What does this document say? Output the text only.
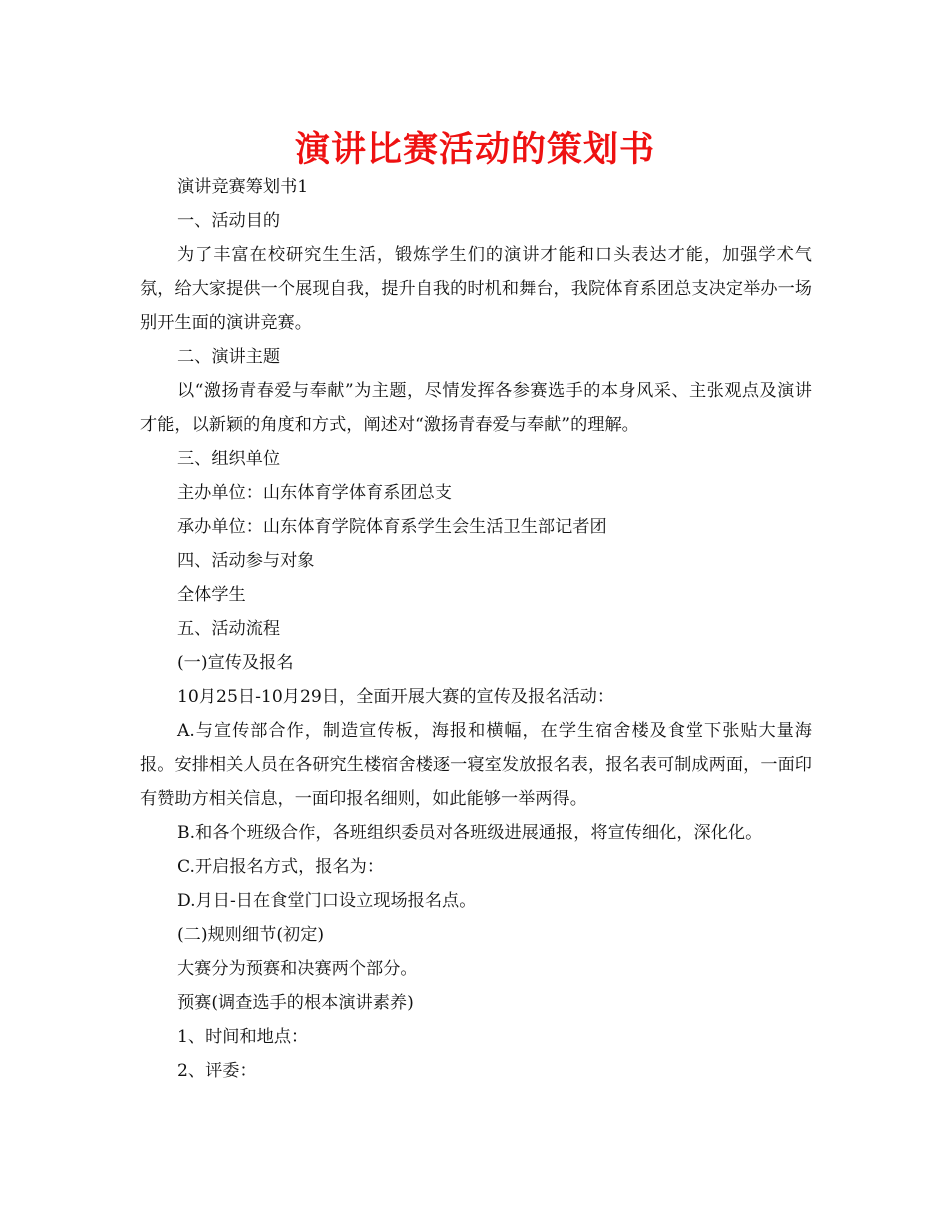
演讲比赛活动的策划书

演讲竞赛筹划书1

一、活动目的

为了丰富在校研究生生活，锻炼学生们的演讲才能和口头表达才能，加强学术气氛，给大家提供一个展现自我，提升自我的时机和舞台，我院体育系团总支决定举办一场别开生面的演讲竞赛。

二、演讲主题

以“激扬青春爱与奉献”为主题，尽情发挥各参赛选手的本身风采、主张观点及演讲才能，以新颖的角度和方式，阐述对“激扬青春爱与奉献”的理解。

三、组织单位

主办单位：山东体育学体育系团总支

承办单位：山东体育学院体育系学生会生活卫生部记者团

四、活动参与对象

全体学生

五、活动流程

(一)宣传及报名

10月25日-10月29日，全面开展大赛的宣传及报名活动：

A.与宣传部合作，制造宣传板，海报和横幅，在学生宿舍楼及食堂下张贴大量海报。安排相关人员在各研究生楼宿舍楼逐一寝室发放报名表，报名表可制成两面，一面印有赞助方相关信息，一面印报名细则，如此能够一举两得。

B.和各个班级合作，各班组织委员对各班级进展通报，将宣传细化，深化化。

C.开启报名方式，报名为：

D.月日-日在食堂门口设立现场报名点。

(二)规则细节(初定)

大赛分为预赛和决赛两个部分。

预赛(调查选手的根本演讲素养)

1、时间和地点：

2、评委：
